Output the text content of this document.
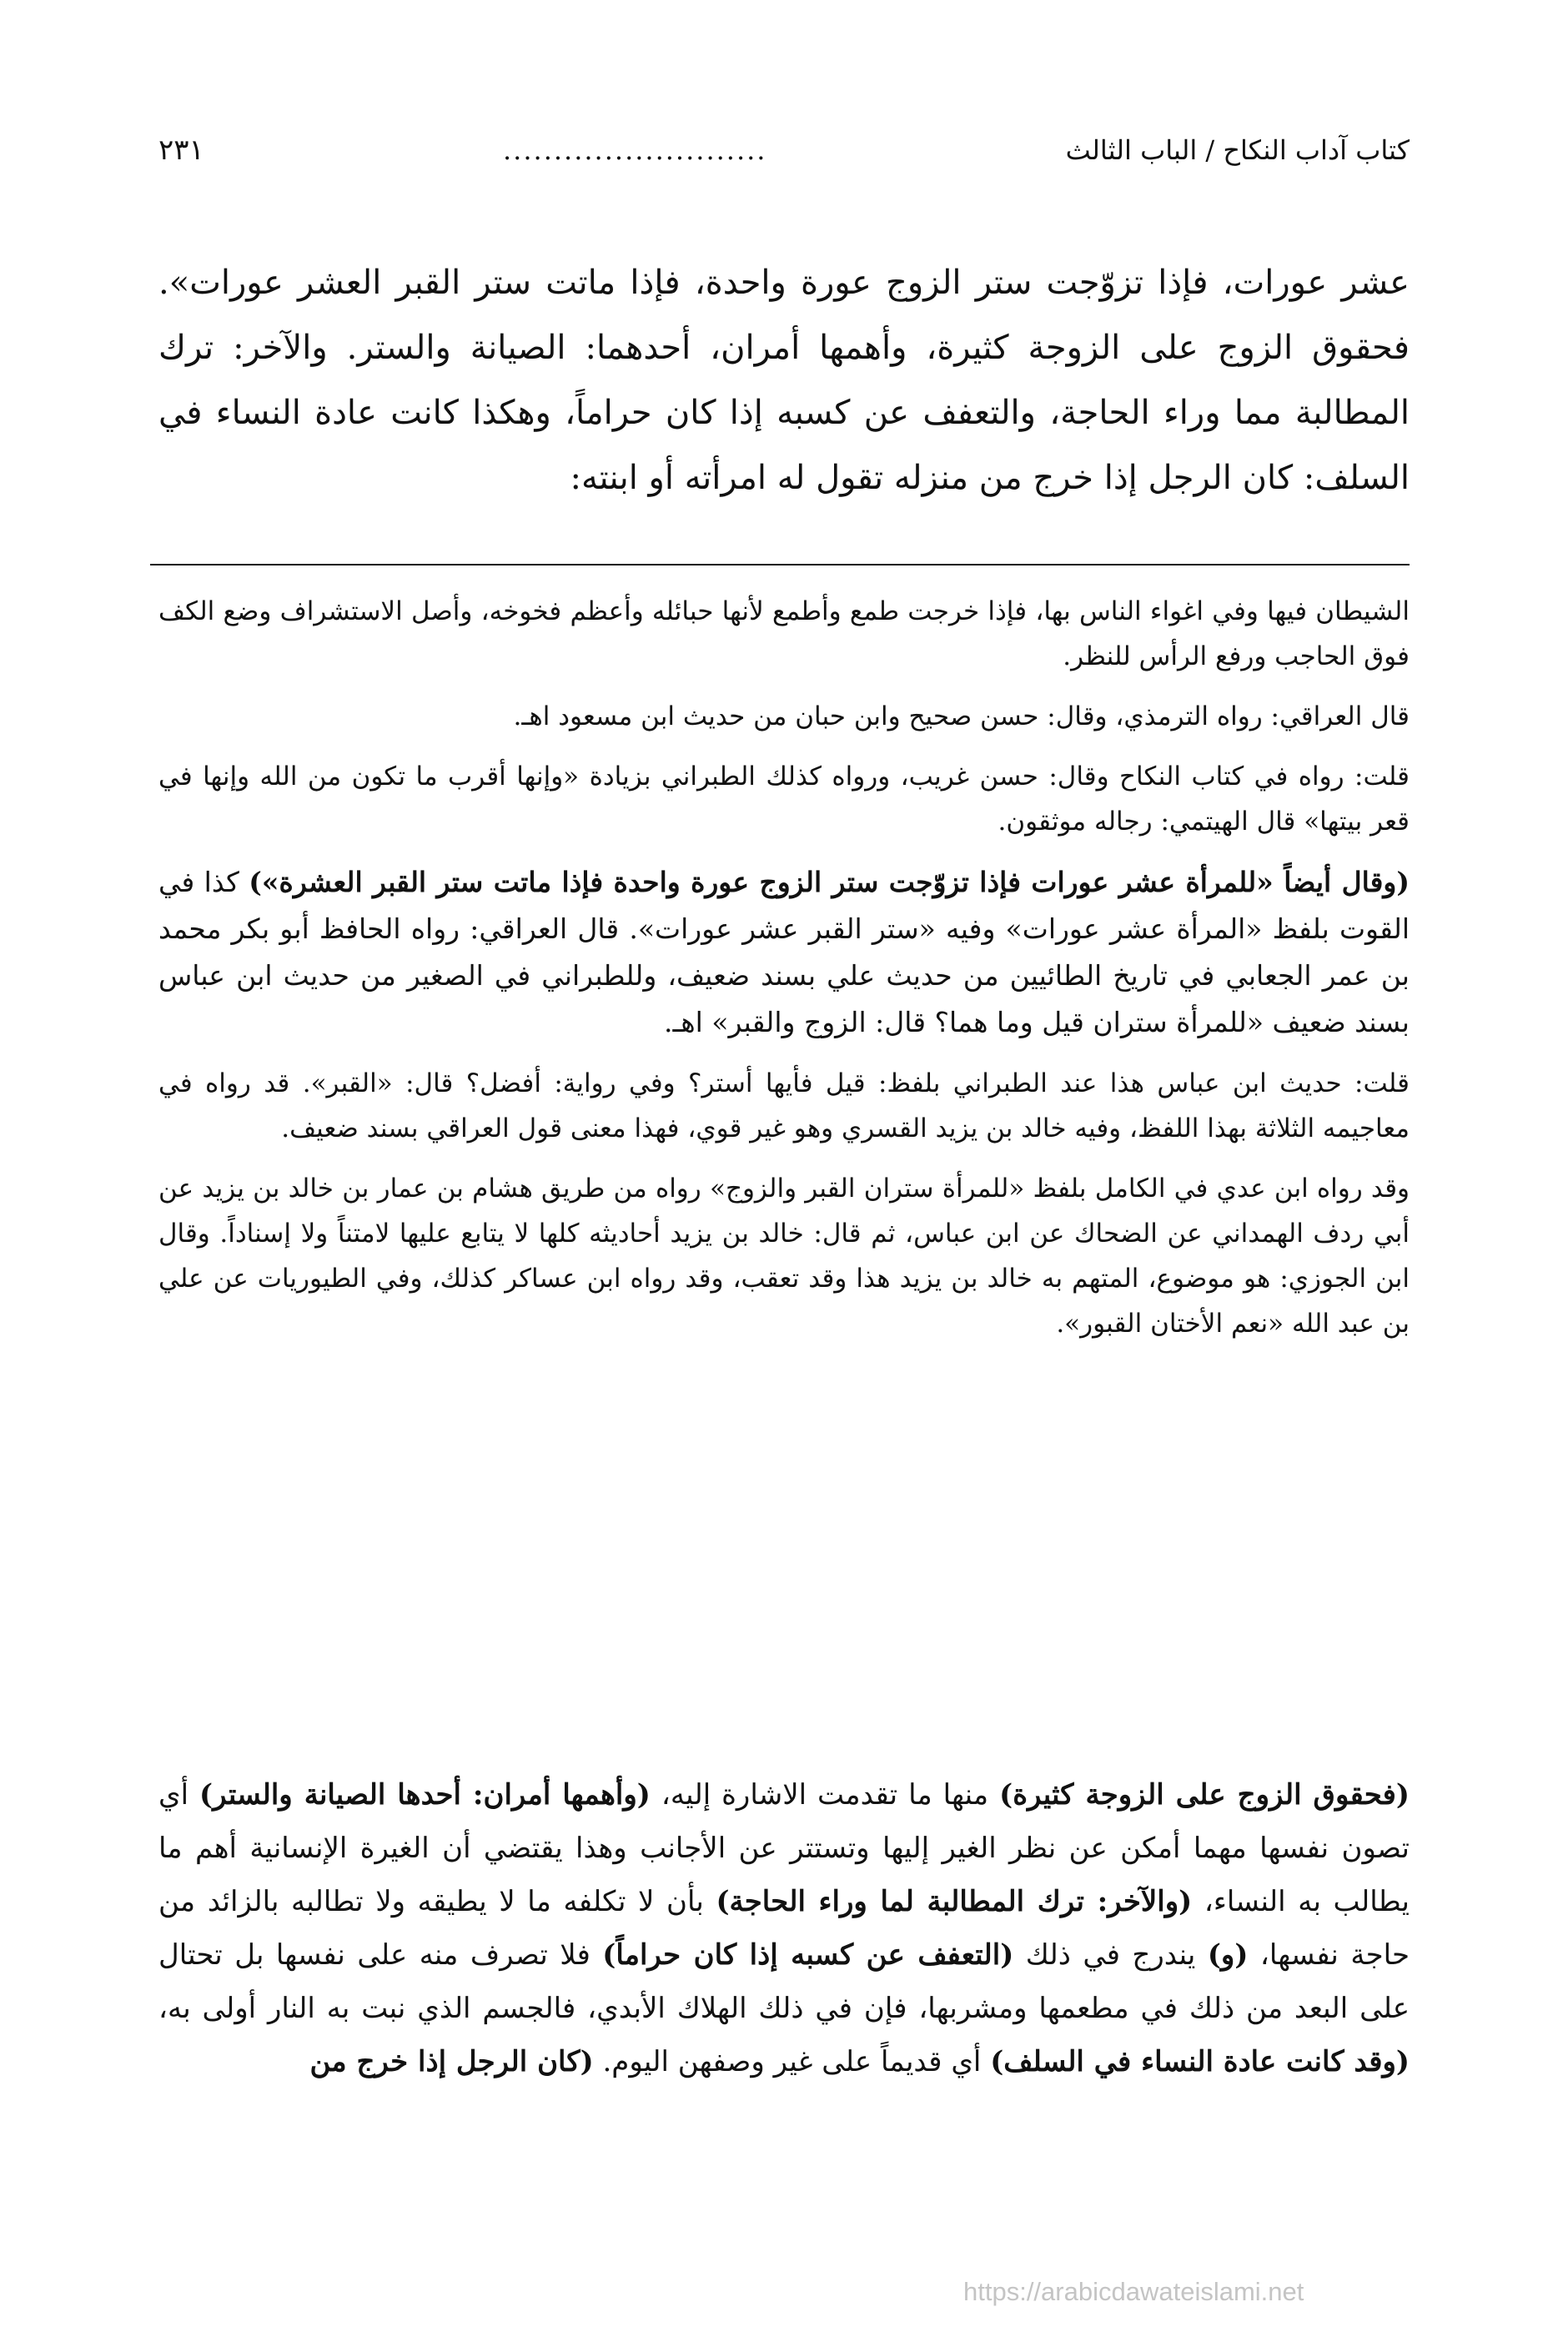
كتاب آداب النكاح / الباب الثالث
..........................
٢٣١

عشر عورات، فإذا تزوّجت ستر الزوج عورة واحدة، فإذا ماتت ستر القبر العشر عورات». فحقوق الزوج على الزوجة كثيرة، وأهمها أمران، أحدهما: الصيانة والستر. والآخر: ترك المطالبة مما وراء الحاجة، والتعفف عن كسبه إذا كان حراماً، وهكذا كانت عادة النساء في السلف: كان الرجل إذا خرج من منزله تقول له امرأته أو ابنته:

الشيطان فيها وفي اغواء الناس بها، فإذا خرجت طمع وأطمع لأنها حبائله وأعظم فخوخه، وأصل الاستشراف وضع الكف فوق الحاجب ورفع الرأس للنظر.

قال العراقي: رواه الترمذي، وقال: حسن صحيح وابن حبان من حديث ابن مسعود اهـ.

قلت: رواه في كتاب النكاح وقال: حسن غريب، ورواه كذلك الطبراني بزيادة «وإنها أقرب ما تكون من الله وإنها في قعر بيتها» قال الهيتمي: رجاله موثقون.

(وقال أيضاً «للمرأة عشر عورات فإذا تزوّجت ستر الزوج عورة واحدة فإذا ماتت ستر القبر العشرة») كذا في القوت بلفظ «المرأة عشر عورات» وفيه «ستر القبر عشر عورات». قال العراقي: رواه الحافظ أبو بكر محمد بن عمر الجعابي في تاريخ الطائيين من حديث علي بسند ضعيف، وللطبراني في الصغير من حديث ابن عباس بسند ضعيف «للمرأة ستران قيل وما هما؟ قال: الزوج والقبر» اهـ.

قلت: حديث ابن عباس هذا عند الطبراني بلفظ: قيل فأيها أستر؟ وفي رواية: أفضل؟ قال: «القبر». قد رواه في معاجيمه الثلاثة بهذا اللفظ، وفيه خالد بن يزيد القسري وهو غير قوي، فهذا معنى قول العراقي بسند ضعيف.

وقد رواه ابن عدي في الكامل بلفظ «للمرأة ستران القبر والزوج» رواه من طريق هشام بن عمار بن خالد بن يزيد عن أبي ردف الهمداني عن الضحاك عن ابن عباس، ثم قال: خالد بن يزيد أحاديثه كلها لا يتابع عليها لامتناً ولا إسناداً. وقال ابن الجوزي: هو موضوع، المتهم به خالد بن يزيد هذا وقد تعقب، وقد رواه ابن عساكر كذلك، وفي الطيوريات عن علي بن عبد الله «نعم الأختان القبور».

(فحقوق الزوج على الزوجة كثيرة) منها ما تقدمت الاشارة إليه، (وأهمها أمران: أحدها الصيانة والستر) أي تصون نفسها مهما أمكن عن نظر الغير إليها وتستتر عن الأجانب وهذا يقتضي أن الغيرة الإنسانية أهم ما يطالب به النساء، (والآخر: ترك المطالبة لما وراء الحاجة) بأن لا تكلفه ما لا يطيقه ولا تطالبه بالزائد من حاجة نفسها، (و) يندرج في ذلك (التعفف عن كسبه إذا كان حراماً) فلا تصرف منه على نفسها بل تحتال على البعد من ذلك في مطعمها ومشربها، فإن في ذلك الهلاك الأبدي، فالجسم الذي نبت به النار أولى به، (وقد كانت عادة النساء في السلف) أي قديماً على غير وصفهن اليوم. (كان الرجل إذا خرج من

https://arabicdawateislami.net
